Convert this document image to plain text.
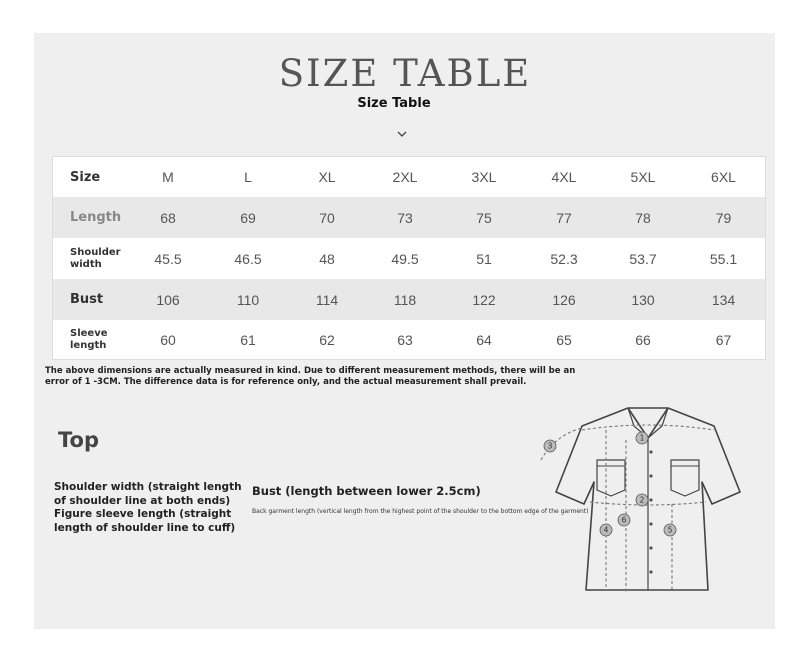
SIZE TABLE
Size Table
Size	M	L	XL	2XL	3XL	4XL	5XL	6XL
Length	68	69	70	73	75	77	78	79
Shoulder width	45.5	46.5	48	49.5	51	52.3	53.7	55.1
Bust	106	110	114	118	122	126	130	134
Sleeve length	60	61	62	63	64	65	66	67
The above dimensions are actually measured in kind. Due to different measurement methods, there will be an error of 1 -3CM. The difference data is for reference only, and the actual measurement shall prevail.
Top
Shoulder width (straight length of shoulder line at both ends)
Figure sleeve length (straight length of shoulder line to cuff)
Bust (length between lower 2.5cm)
Back garment length (vertical length from the highest point of the shoulder to the bottom edge of the garment)
1
2
3
4	5
6
